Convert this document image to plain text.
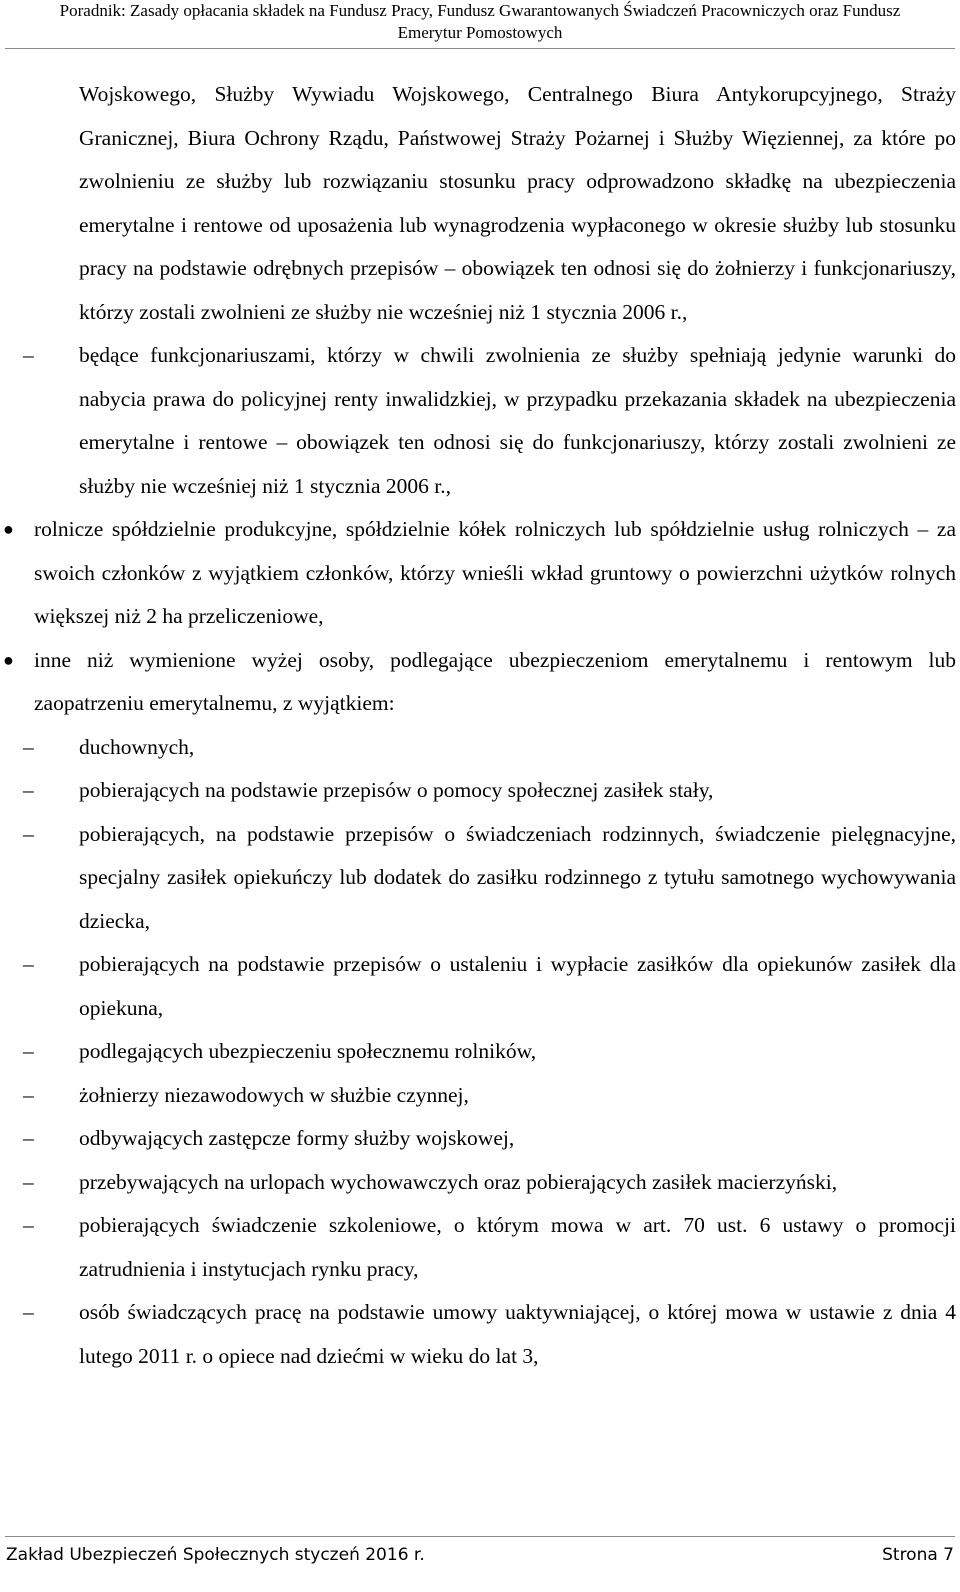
Poradnik: Zasady opłacania składek na Fundusz Pracy, Fundusz Gwarantowanych Świadczeń Pracowniczych oraz Fundusz
Emerytur Pomostowych
Wojskowego, Służby Wywiadu Wojskowego, Centralnego Biura Antykorupcyjnego, Straży Granicznej, Biura Ochrony Rządu, Państwowej Straży Pożarnej i Służby Więziennej, za które po zwolnieniu ze służby lub rozwiązaniu stosunku pracy odprowadzono składkę na ubezpieczenia emerytalne i rentowe od uposażenia lub wynagrodzenia wypłaconego w okresie służby lub stosunku pracy na podstawie odrębnych przepisów – obowiązek ten odnosi się do żołnierzy i funkcjonariuszy, którzy zostali zwolnieni ze służby nie wcześniej niż 1 stycznia 2006 r.,
– będące funkcjonariuszami, którzy w chwili zwolnienia ze służby spełniają jedynie warunki do nabycia prawa do policyjnej renty inwalidzkiej, w przypadku przekazania składek na ubezpieczenia emerytalne i rentowe – obowiązek ten odnosi się do funkcjonariuszy, którzy zostali zwolnieni ze służby nie wcześniej niż 1 stycznia 2006 r.,
● rolnicze spółdzielnie produkcyjne, spółdzielnie kółek rolniczych lub spółdzielnie usług rolniczych – za swoich członków z wyjątkiem członków, którzy wnieśli wkład gruntowy o powierzchni użytków rolnych większej niż 2 ha przeliczeniowe,
● inne niż wymienione wyżej osoby, podlegające ubezpieczeniom emerytalnemu i rentowym lub zaopatrzeniu emerytalnemu, z wyjątkiem:
– duchownych,
– pobierających na podstawie przepisów o pomocy społecznej zasiłek stały,
– pobierających, na podstawie przepisów o świadczeniach rodzinnych, świadczenie pielęgnacyjne, specjalny zasiłek opiekuńczy lub dodatek do zasiłku rodzinnego z tytułu samotnego wychowywania dziecka,
– pobierających na podstawie przepisów o ustaleniu i wypłacie zasiłków dla opiekunów zasiłek dla opiekuna,
– podlegających ubezpieczeniu społecznemu rolników,
– żołnierzy niezawodowych w służbie czynnej,
– odbywających zastępcze formy służby wojskowej,
– przebywających na urlopach wychowawczych oraz pobierających zasiłek macierzyński,
– pobierających świadczenie szkoleniowe, o którym mowa w art. 70 ust. 6 ustawy o promocji zatrudnienia i instytucjach rynku pracy,
– osób świadczących pracę na podstawie umowy uaktywniającej, o której mowa w ustawie z dnia 4 lutego 2011 r. o opiece nad dziećmi w wieku do lat 3,
Zakład Ubezpieczeń Społecznych styczeń 2016 r.	Strona 7
